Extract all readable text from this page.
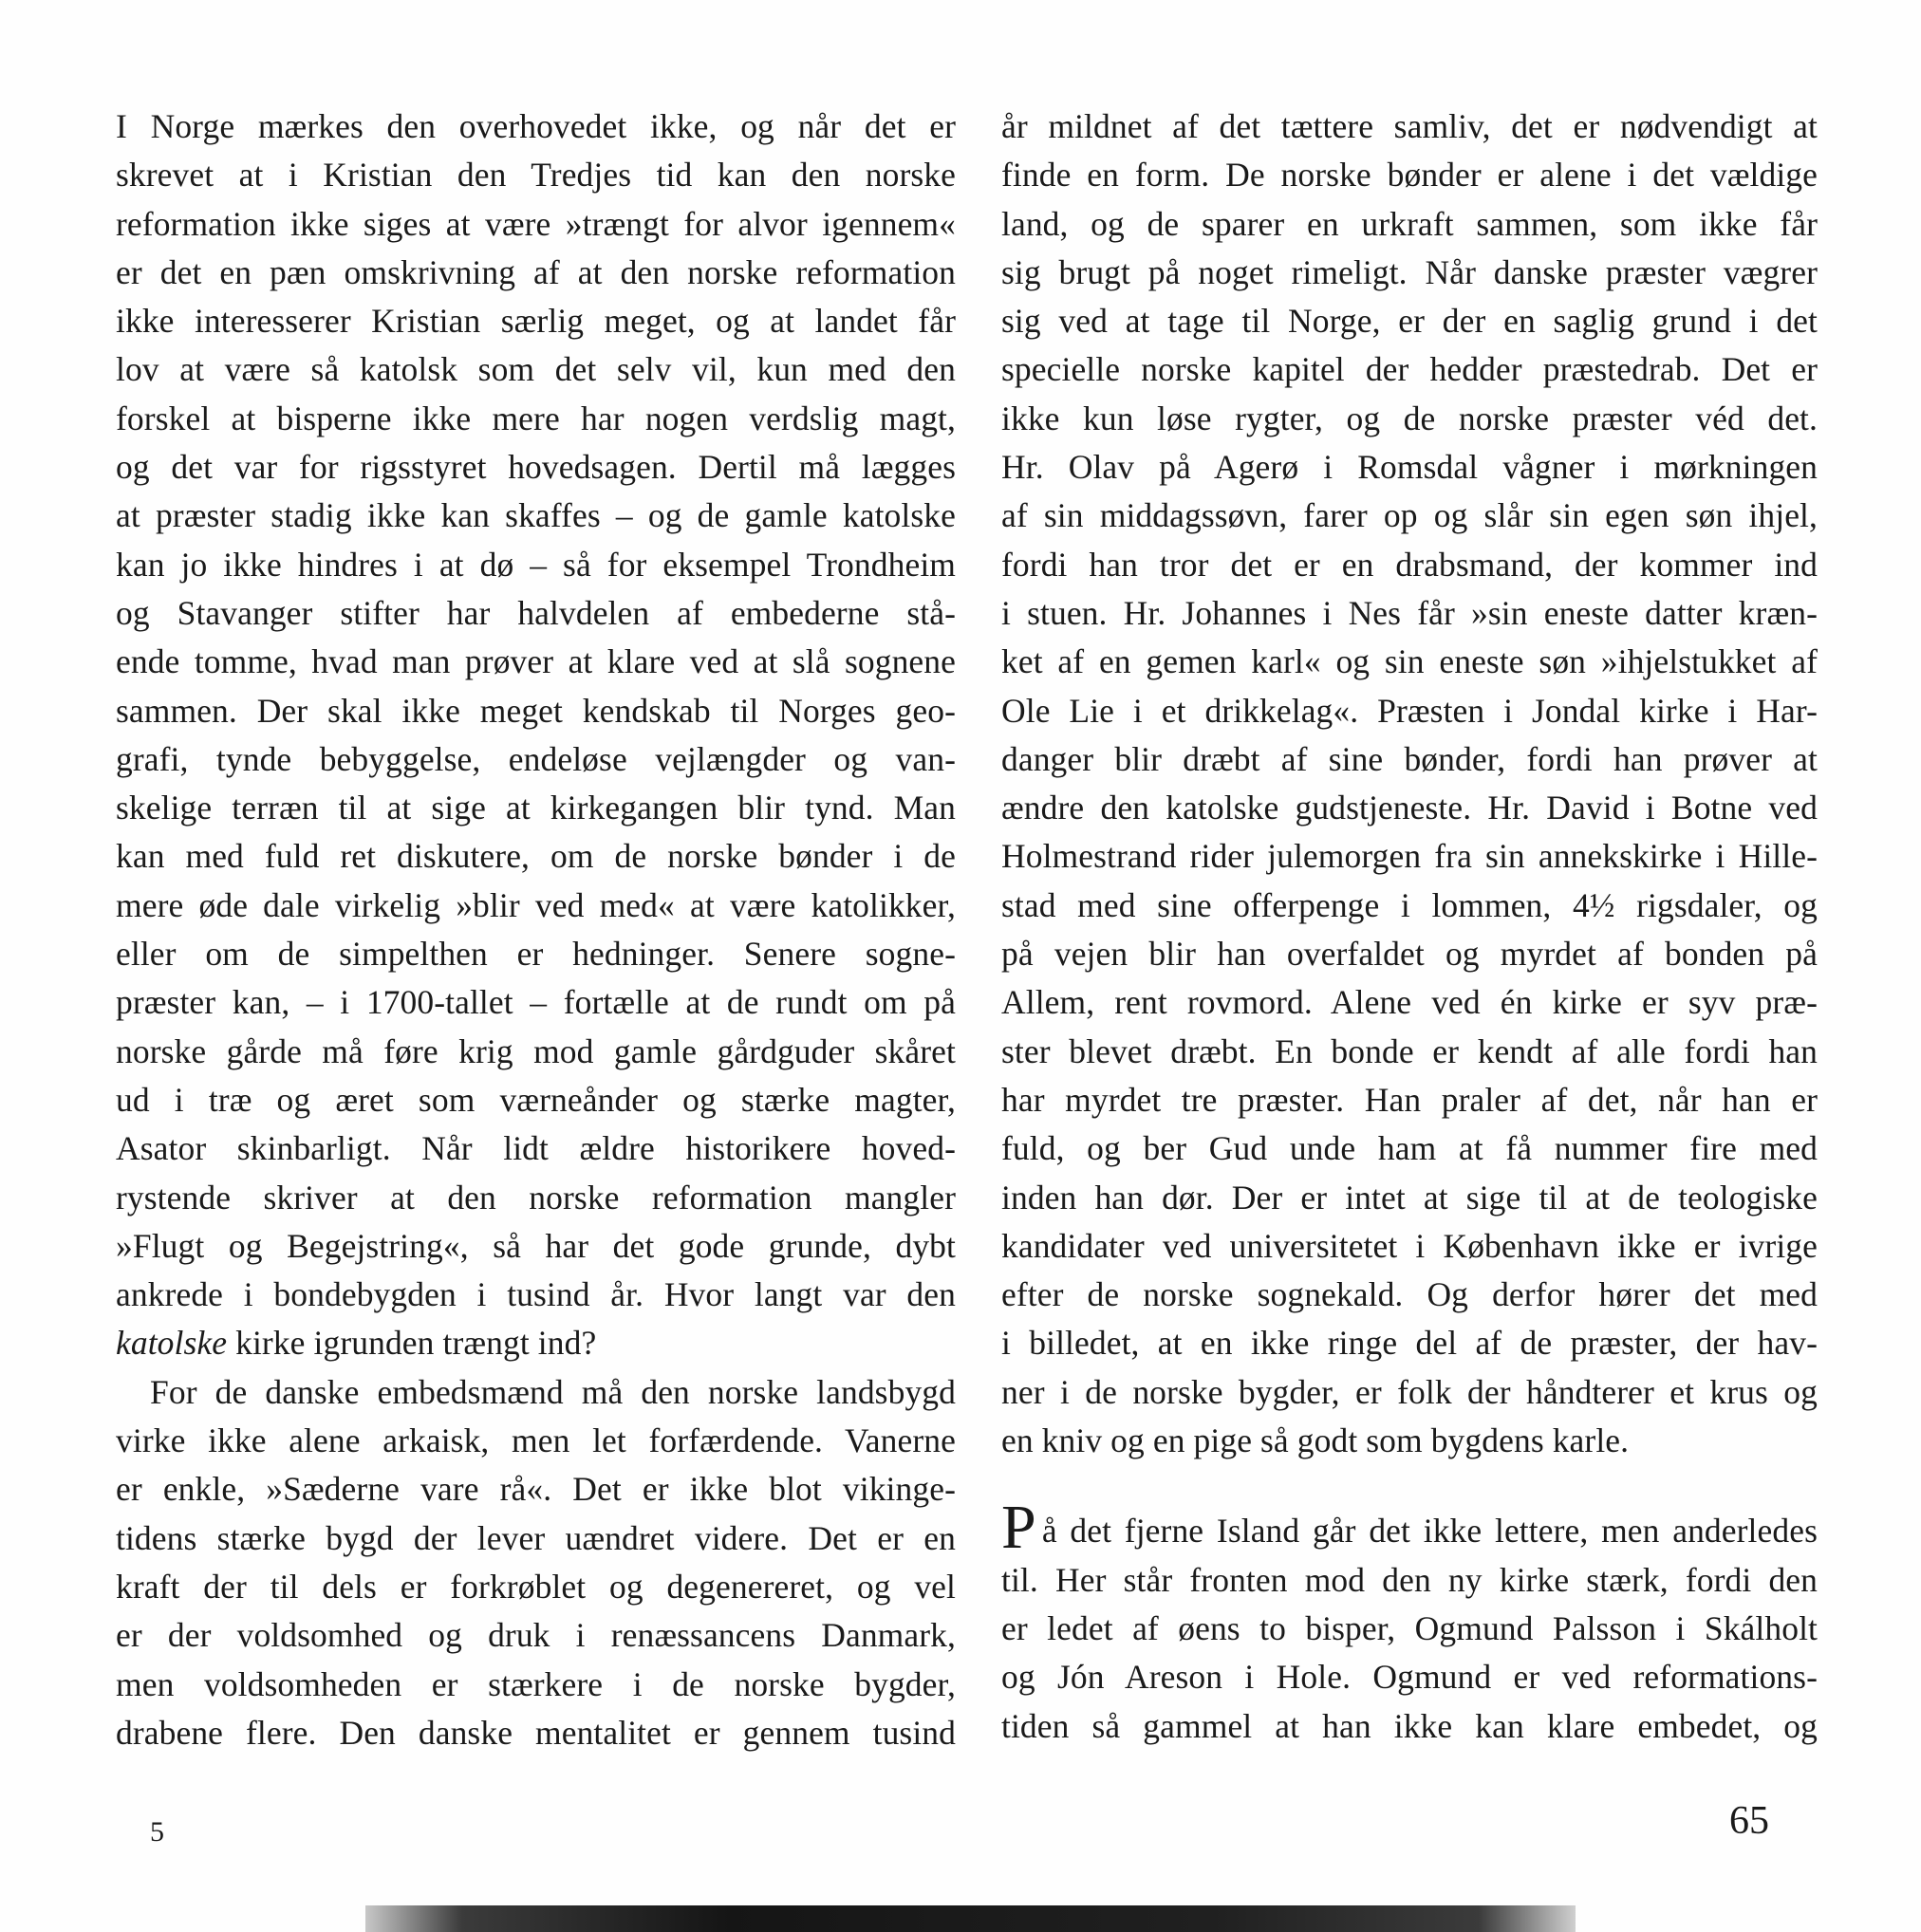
I Norge mærkes den overhovedet ikke, og når det er
skrevet at i Kristian den Tredjes tid kan den norske
reformation ikke siges at være »trængt for alvor igennem«
er det en pæn omskrivning af at den norske reformation
ikke interesserer Kristian særlig meget, og at landet får
lov at være så katolsk som det selv vil, kun med den
forskel at bisperne ikke mere har nogen verdslig magt,
og det var for rigsstyret hovedsagen. Dertil må lægges
at præster stadig ikke kan skaffes – og de gamle katolske
kan jo ikke hindres i at dø – så for eksempel Trondheim
og Stavanger stifter har halvdelen af embederne stå-
ende tomme, hvad man prøver at klare ved at slå sognene
sammen. Der skal ikke meget kendskab til Norges geo-
grafi, tynde bebyggelse, endeløse vejlængder og van-
skelige terræn til at sige at kirkegangen blir tynd. Man
kan med fuld ret diskutere, om de norske bønder i de
mere øde dale virkelig »blir ved med« at være katolikker,
eller om de simpelthen er hedninger. Senere sogne-
præster kan, – i 1700-tallet – fortælle at de rundt om på
norske gårde må føre krig mod gamle gårdguder skåret
ud i træ og æret som værneånder og stærke magter,
Asator skinbarligt. Når lidt ældre historikere hoved-
rystende skriver at den norske reformation mangler
»Flugt og Begejstring«, så har det gode grunde, dybt
ankrede i bondebygden i tusind år. Hvor langt var den
katolske kirke igrunden trængt ind?
For de danske embedsmænd må den norske landsbygd
virke ikke alene arkaisk, men let forfærdende. Vanerne
er enkle, »Sæderne vare rå«. Det er ikke blot vikinge-
tidens stærke bygd der lever uændret videre. Det er en
kraft der til dels er forkrøblet og degenereret, og vel
er der voldsomhed og druk i renæssancens Danmark,
men voldsomheden er stærkere i de norske bygder,
drabene flere. Den danske mentalitet er gennem tusind
år mildnet af det tættere samliv, det er nødvendigt at
finde en form. De norske bønder er alene i det vældige
land, og de sparer en urkraft sammen, som ikke får
sig brugt på noget rimeligt. Når danske præster vægrer
sig ved at tage til Norge, er der en saglig grund i det
specielle norske kapitel der hedder præstedrab. Det er
ikke kun løse rygter, og de norske præster véd det.
Hr. Olav på Agerø i Romsdal vågner i mørkningen
af sin middagssøvn, farer op og slår sin egen søn ihjel,
fordi han tror det er en drabsmand, der kommer ind
i stuen. Hr. Johannes i Nes får »sin eneste datter kræn-
ket af en gemen karl« og sin eneste søn »ihjelstukket af
Ole Lie i et drikkelag«. Præsten i Jondal kirke i Har-
danger blir dræbt af sine bønder, fordi han prøver at
ændre den katolske gudstjeneste. Hr. David i Botne ved
Holmestrand rider julemorgen fra sin annekskirke i Hille-
stad med sine offerpenge i lommen, 4½ rigsdaler, og
på vejen blir han overfaldet og myrdet af bonden på
Allem, rent rovmord. Alene ved én kirke er syv præ-
ster blevet dræbt. En bonde er kendt af alle fordi han
har myrdet tre præster. Han praler af det, når han er
fuld, og ber Gud unde ham at få nummer fire med
inden han dør. Der er intet at sige til at de teologiske
kandidater ved universitetet i København ikke er ivrige
efter de norske sognekald. Og derfor hører det med
i billedet, at en ikke ringe del af de præster, der hav-
ner i de norske bygder, er folk der håndterer et krus og
en kniv og en pige så godt som bygdens karle.
På det fjerne Island går det ikke lettere, men anderledes
til. Her står fronten mod den ny kirke stærk, fordi den
er ledet af øens to bisper, Ogmund Palsson i Skálholt
og Jón Areson i Hole. Ogmund er ved reformations-
tiden så gammel at han ikke kan klare embedet, og
5	65
